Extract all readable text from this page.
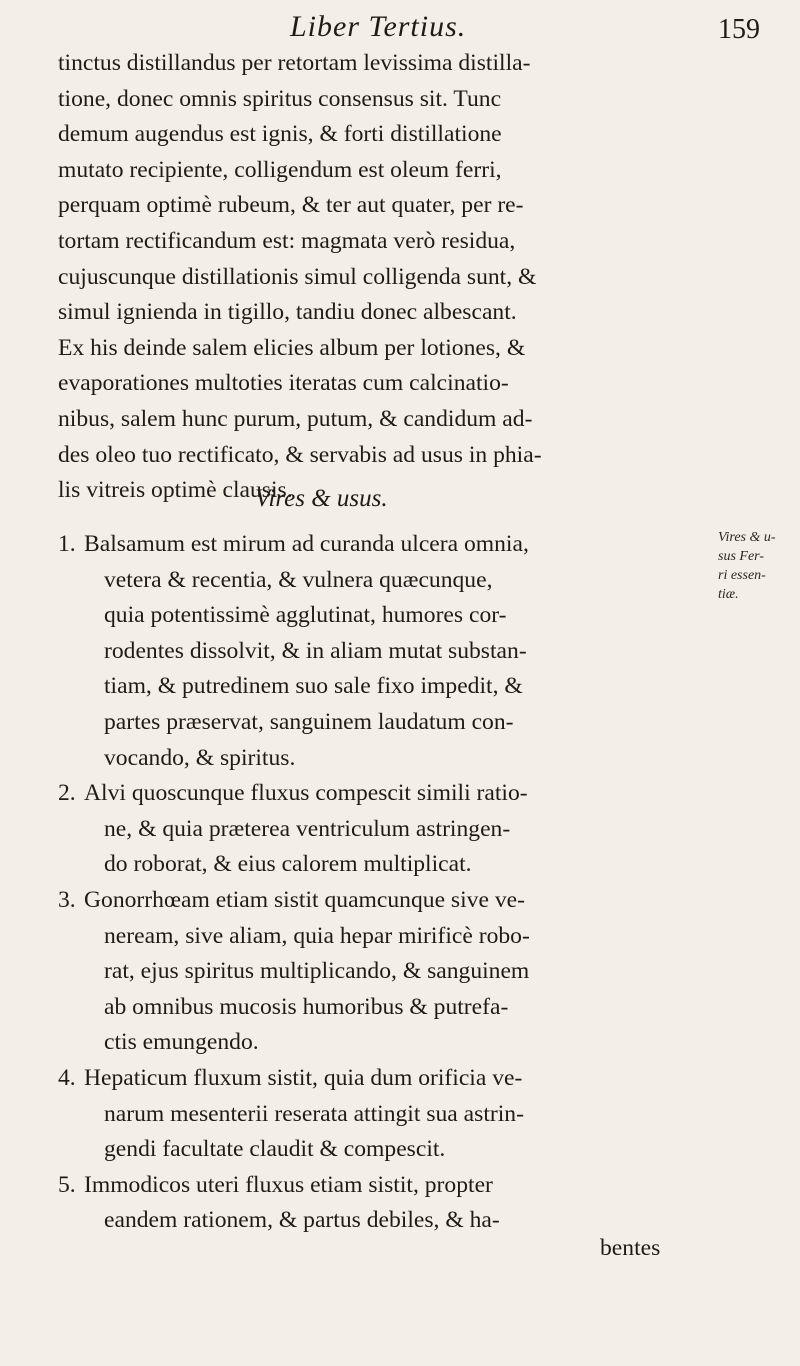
Liber Tertius.	159
tinctus distillandus per retortam levissima distilla-
tione, donec omnis spiritus consensus sit. Tunc
demum augendus est ignis, & forti distillatione
mutato recipiente, colligendum est oleum ferri,
perquam optimè rubeum, & ter aut quater, per re-
tortam rectificandum est: magmata verò residua,
cujuscunque distillationis simul colligenda sunt, &
simul ignienda in tigillo, tandiu donec albescant.
Ex his deinde salem elicies album per lotiones, &
evaporationes multoties iteratas cum calcinatio-
nibus, salem hunc purum, putum, & candidum ad-
des oleo tuo rectificato, & servabis ad usus in phia-
lis vitreis optimè clausis.
Vires & usus.
1. Balsamum est mirum ad curanda ulcera omnia,
vetera & recentia, & vulnera quæcunque,
quia potentissimè agglutinat, humores cor-
rodentes dissolvit, & in aliam mutat substan-
tiam, & putredinem suo sale fixo impedit, &
partes præservat, sanguinem laudatum con-
vocando, & spiritus.
2. Alvi quoscunque fluxus compescit simili ratio-
ne, & quia præterea ventriculum astringen-
do roborat, & eius calorem multiplicat.
3. Gonorrhœam etiam sistit quamcunque sive ve-
neream, sive aliam, quia hepar mirificè robo-
rat, ejus spiritus multiplicando, & sanguinem
ab omnibus mucosis humoribus & putrefa-
ctis emungendo.
4. Hepaticum fluxum sistit, quia dum orificia ve-
narum mesenterii reserata attingit sua astrin-
gendi facultate claudit & compescit.
5. Immodicos uteri fluxus etiam sistit, propter
eandem rationem, & partus debiles, & ha-
Vires & u-
sus Fer-
ri essen-
tiæ.
bentes
